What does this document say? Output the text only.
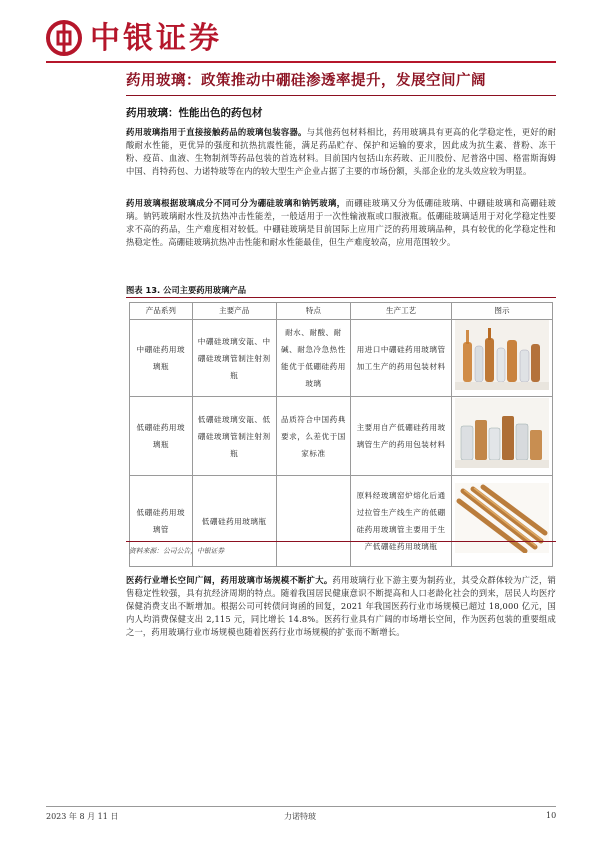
中银证券
药用玻璃：政策推动中硼硅渗透率提升，发展空间广阔
药用玻璃：性能出色的药包材
药用玻璃指用于直接接触药品的玻璃包装容器。与其他药包材料相比，药用玻璃具有更高的化学稳定性，更好的耐酸耐水性能，更优异的强度和抗热抗震性能，满足药品贮存、保护和运输的要求，因此成为抗生素、普粉、冻干粉、疫苗、血液、生物制剂等药品包装的首选材料。目前国内包括山东药玻、正川股份、尼普洛中国、格雷斯海姆中国、肖特药包、力诺特玻等在内的较大型生产企业占据了主要的市场份额，头部企业的龙头效应较为明显。
药用玻璃根据玻璃成分不同可分为硼硅玻璃和钠钙玻璃，而硼硅玻璃又分为低硼硅玻璃、中硼硅玻璃和高硼硅玻璃。钠钙玻璃耐水性及抗热冲击性能差，一般适用于一次性输液瓶或口服液瓶。低硼硅玻璃适用于对化学稳定性要求不高的药品，生产难度相对较低。中硼硅玻璃是目前国际上应用广泛的药用玻璃品种，具有较优的化学稳定性和热稳定性。高硼硅玻璃抗热冲击性能和耐水性能最佳，但生产难度较高，应用范围较少。
图表 13. 公司主要药用玻璃产品
产品系列	主要产品	特点	生产工艺	图示
中硼硅药用玻璃瓶	中硼硅玻璃安瓿、中硼硅玻璃管制注射剂瓶	耐水、耐酸、耐碱、耐急冷急热性能优于低硼硅药用玻璃	用进口中硼硅药用玻璃管加工生产的药用包装材料	
低硼硅药用玻璃瓶	低硼硅玻璃安瓿、低硼硅玻璃管制注射剂瓶	品质符合中国药典要求，么差优于国家标准	主要用自产低硼硅药用玻璃管生产的药用包装材料	
低硼硅药用玻璃管	低硼硅药用玻璃瓶		原料经玻璃窑炉熔化后通过拉管生产线生产的低硼硅药用玻璃管主要用于生产低硼硅药用玻璃瓶	
资料来源：公司公告，中银证券
医药行业增长空间广阔，药用玻璃市场规模不断扩大。药用玻璃行业下游主要为制药业，其受众群体较为广泛，销售稳定性较强，具有抗经济周期的特点。随着我国居民健康意识不断提高和人口老龄化社会的到来，居民人均医疗保健消费支出不断增加。根据公司可转债问询函的回复，2021 年我国医药行业市场规模已超过 18,000 亿元，国内人均消费保健支出 2,115 元，同比增长 14.8%。医药行业具有广阔的市场增长空间，作为医药包装的重要组成之一，药用玻璃行业市场规模也随着医药行业市场规模的扩张而不断增长。
2023 年 8 月 11 日	力诺特玻	10
